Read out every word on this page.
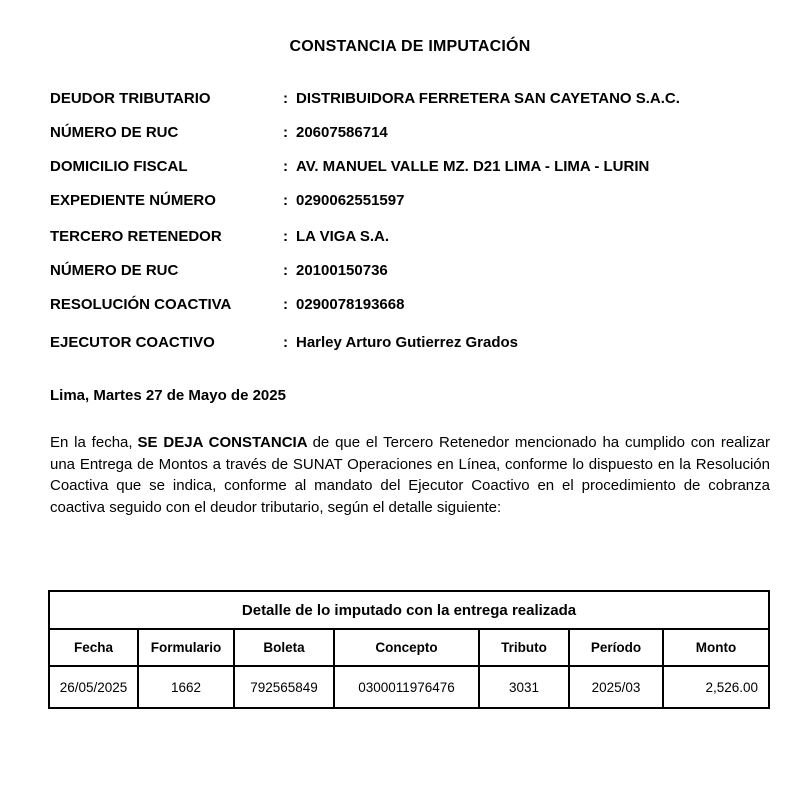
CONSTANCIA DE IMPUTACIÓN
DEUDOR TRIBUTARIO	: DISTRIBUIDORA FERRETERA SAN CAYETANO S.A.C.
NÚMERO DE RUC	: 20607586714
DOMICILIO FISCAL	: AV. MANUEL VALLE MZ. D21 LIMA - LIMA - LURIN
EXPEDIENTE NÚMERO	: 0290062551597
TERCERO RETENEDOR	: LA VIGA S.A.
NÚMERO DE RUC	: 20100150736
RESOLUCIÓN COACTIVA	: 0290078193668
EJECUTOR COACTIVO	: Harley Arturo Gutierrez Grados
Lima, Martes 27 de Mayo de 2025
En la fecha, SE DEJA CONSTANCIA de que el Tercero Retenedor mencionado ha cumplido con realizar una Entrega de Montos a través de SUNAT Operaciones en Línea, conforme lo dispuesto en la Resolución Coactiva que se indica, conforme al mandato del Ejecutor Coactivo en el procedimiento de cobranza coactiva seguido con el deudor tributario, según el detalle siguiente:
Detalle de lo imputado con la entrega realizada						
Fecha	Formulario	Boleta	Concepto	Tributo	Período	Monto
26/05/2025	1662	792565849	0300011976476	3031	2025/03	2,526.00
